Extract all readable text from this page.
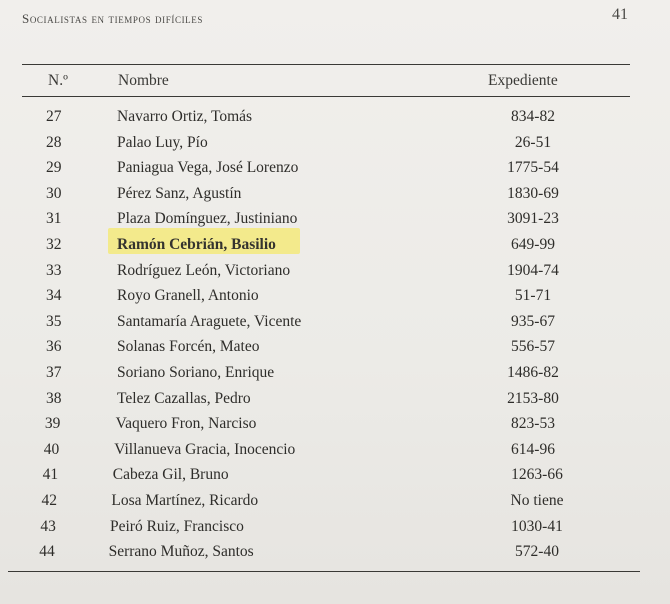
Socialistas en tiempos difíciles	41
N.º	Nombre	Expediente
27	Navarro Ortiz, Tomás	834-82
28	Palao Luy, Pío	26-51
29	Paniagua Vega, José Lorenzo	1775-54
30	Pérez Sanz, Agustín	1830-69
31	Plaza Domínguez, Justiniano	3091-23
32	Ramón Cebrián, Basilio	649-99
33	Rodríguez León, Victoriano	1904-74
34	Royo Granell, Antonio	51-71
35	Santamaría Araguete, Vicente	935-67
36	Solanas Forcén, Mateo	556-57
37	Soriano Soriano, Enrique	1486-82
38	Telez Cazallas, Pedro	2153-80
39	Vaquero Fron, Narciso	823-53
40	Villanueva Gracia, Inocencio	614-96
41	Cabeza Gil, Bruno	1263-66
42	Losa Martínez, Ricardo	No tiene
43	Peiró Ruiz, Francisco	1030-41
44	Serrano Muñoz, Santos	572-40
